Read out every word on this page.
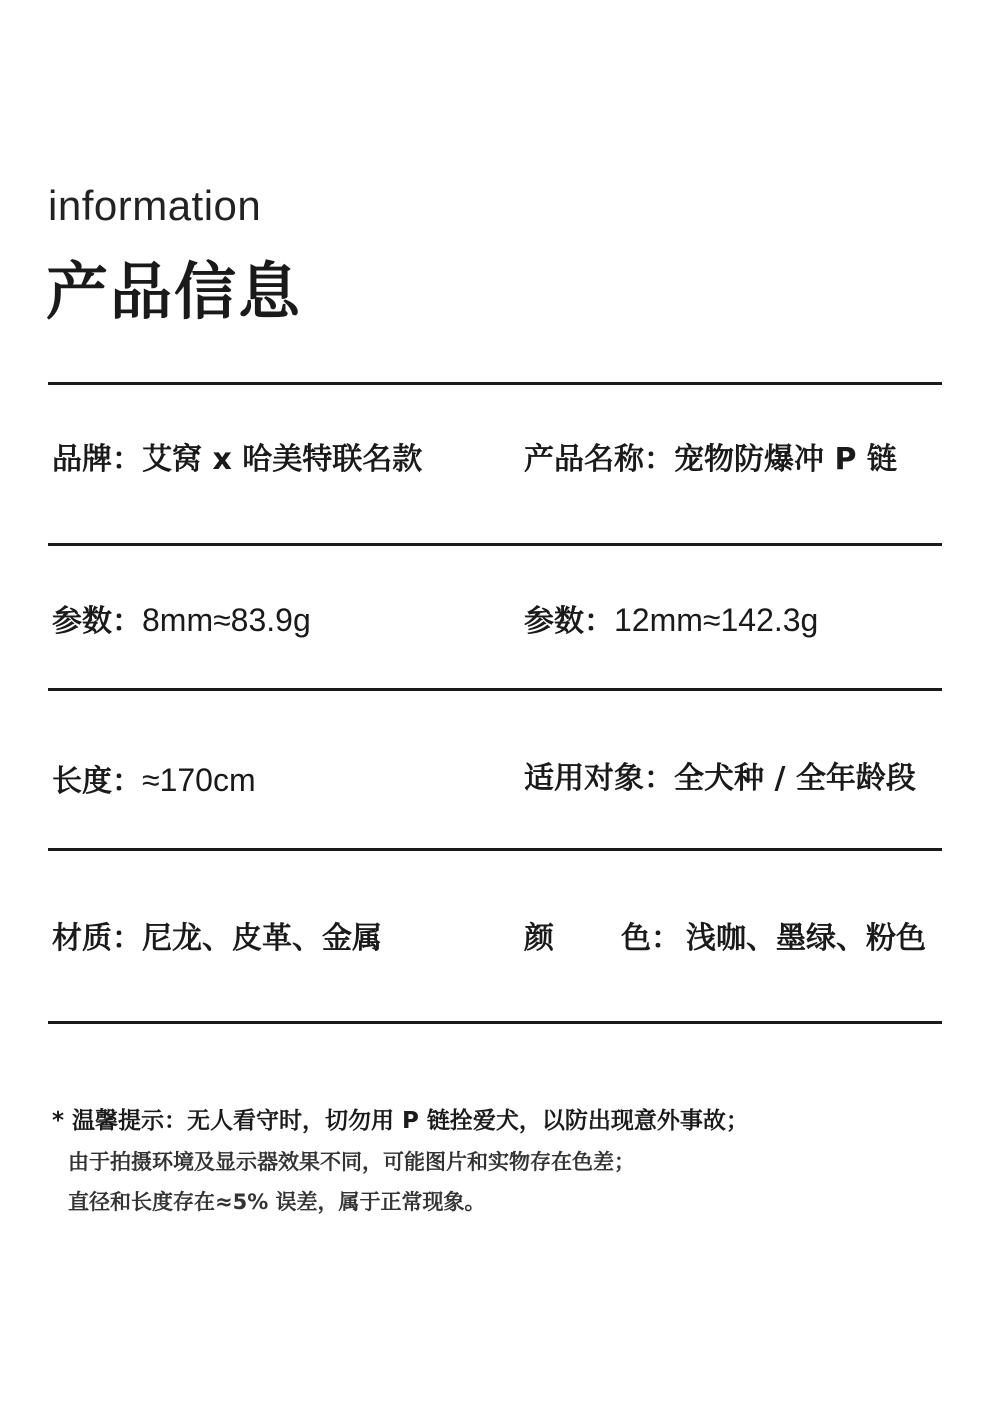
information
产品信息
品牌：艾窝 x 哈美特联名款	产品名称：宠物防爆冲 P 链
参数：8mm≈83.9g	参数：12mm≈142.3g
长度：≈170cm	适用对象：全犬种 / 全年龄段
材质：尼龙、皮革、金属	颜 色： 浅咖、墨绿、粉色
* 温馨提示：无人看守时，切勿用 P 链拴爱犬，以防出现意外事故；
由于拍摄环境及显示器效果不同，可能图片和实物存在色差；
直径和长度存在≈5% 误差，属于正常现象。
